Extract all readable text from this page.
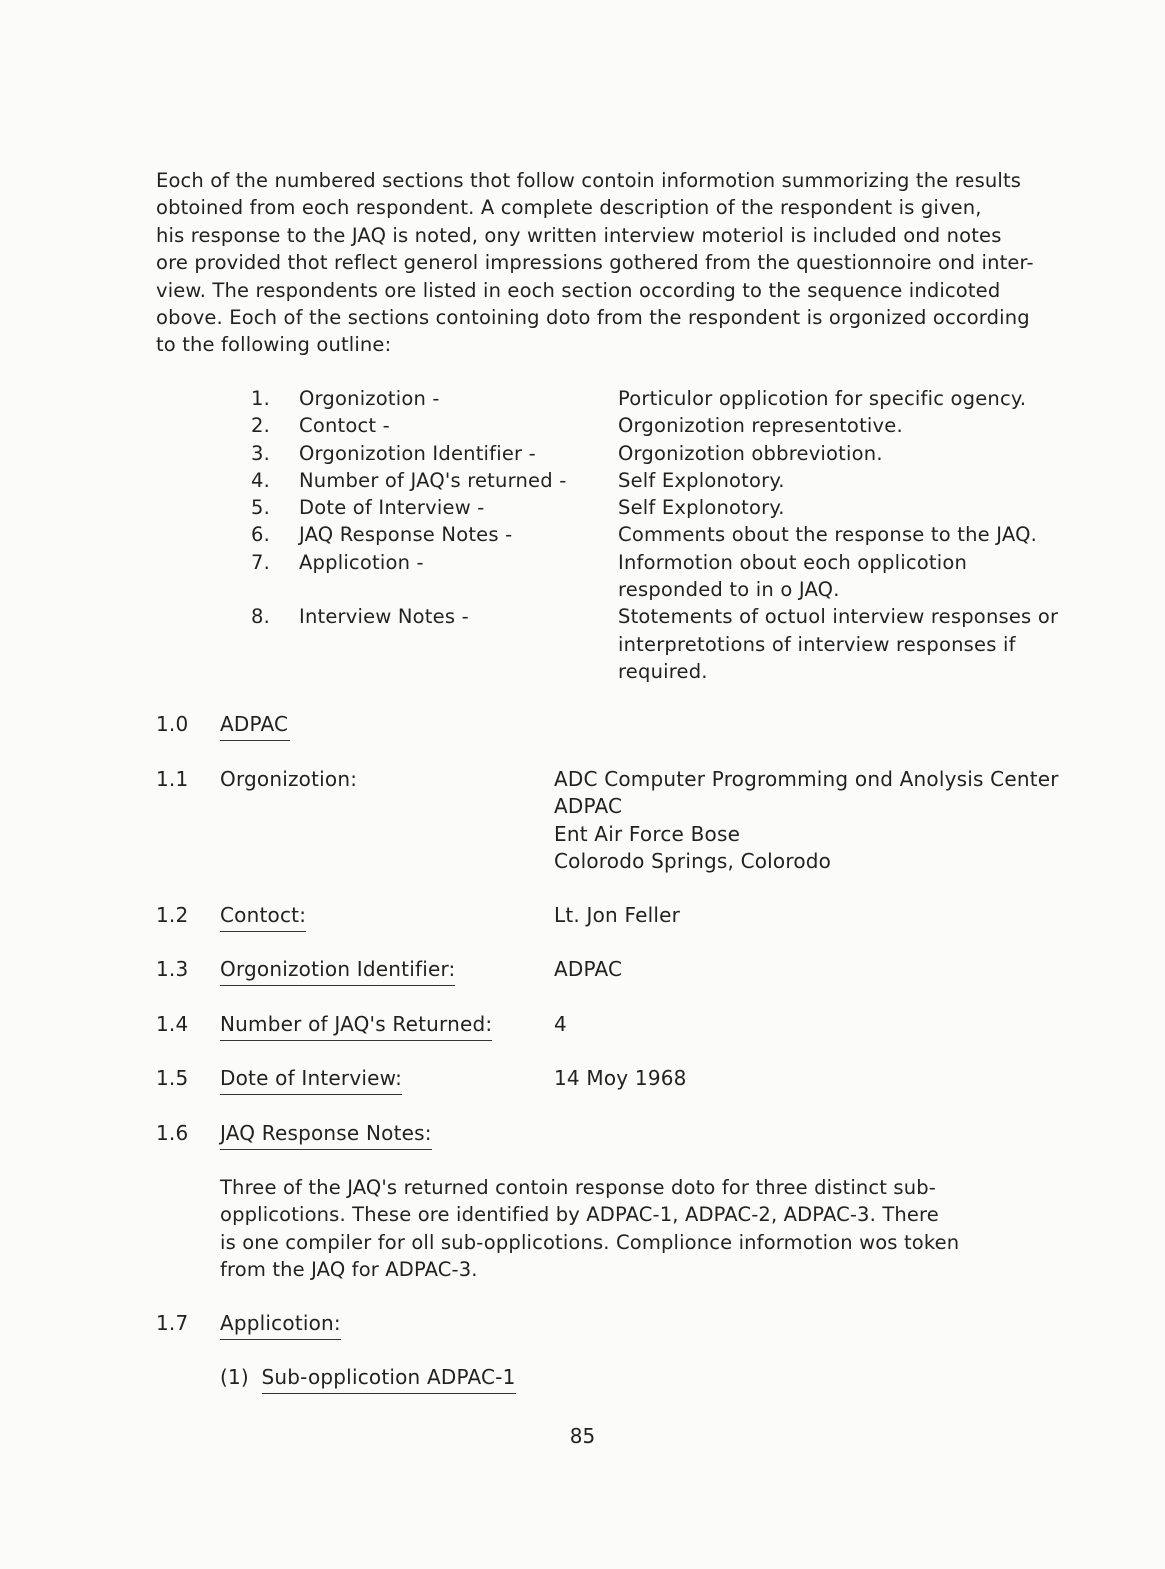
Eoch of the numbered sections thot follow contoin informotion summorizing the results
obtoined from eoch respondent. A complete description of the respondent is given,
his response to the JAQ is noted, ony written interview moteriol is included ond notes
ore provided thot reflect generol impressions gothered from the questionnoire ond inter-
view. The respondents ore listed in eoch section occording to the sequence indicoted
obove. Eoch of the sections contoining doto from the respondent is orgonized occording
to the following outline:
1. Orgonizotion -	Porticulor opplicotion for specific ogency.
2. Contoct -	Orgonizotion representotive.
3. Orgonizotion Identifier -	Orgonizotion obbreviotion.
4. Number of JAQ's returned -	Self Explonotory.
5. Dote of Interview -	Self Explonotory.
6. JAQ Response Notes -	Comments obout the response to the JAQ.
7. Applicotion -	Informotion obout eoch opplicotion
responded to in o JAQ.
8. Interview Notes -	Stotements of octuol interview responses or
interpretotions of interview responses if
required.
1.0 ADPAC
1.1 Orgonizotion:	ADC Computer Progromming ond Anolysis Center
ADPAC
Ent Air Force Bose
Colorodo Springs, Colorodo
1.2 Contoct:	Lt. Jon Feller
1.3 Orgonizotion Identifier:	ADPAC
1.4 Number of JAQ's Returned:	4
1.5 Dote of Interview:	14 Moy 1968
1.6 JAQ Response Notes:
Three of the JAQ's returned contoin response doto for three distinct sub-
opplicotions. These ore identified by ADPAC-1, ADPAC-2, ADPAC-3. There
is one compiler for oll sub-opplicotions. Complionce informotion wos token
from the JAQ for ADPAC-3.
1.7 Applicotion:
(1) Sub-opplicotion ADPAC-1
85
